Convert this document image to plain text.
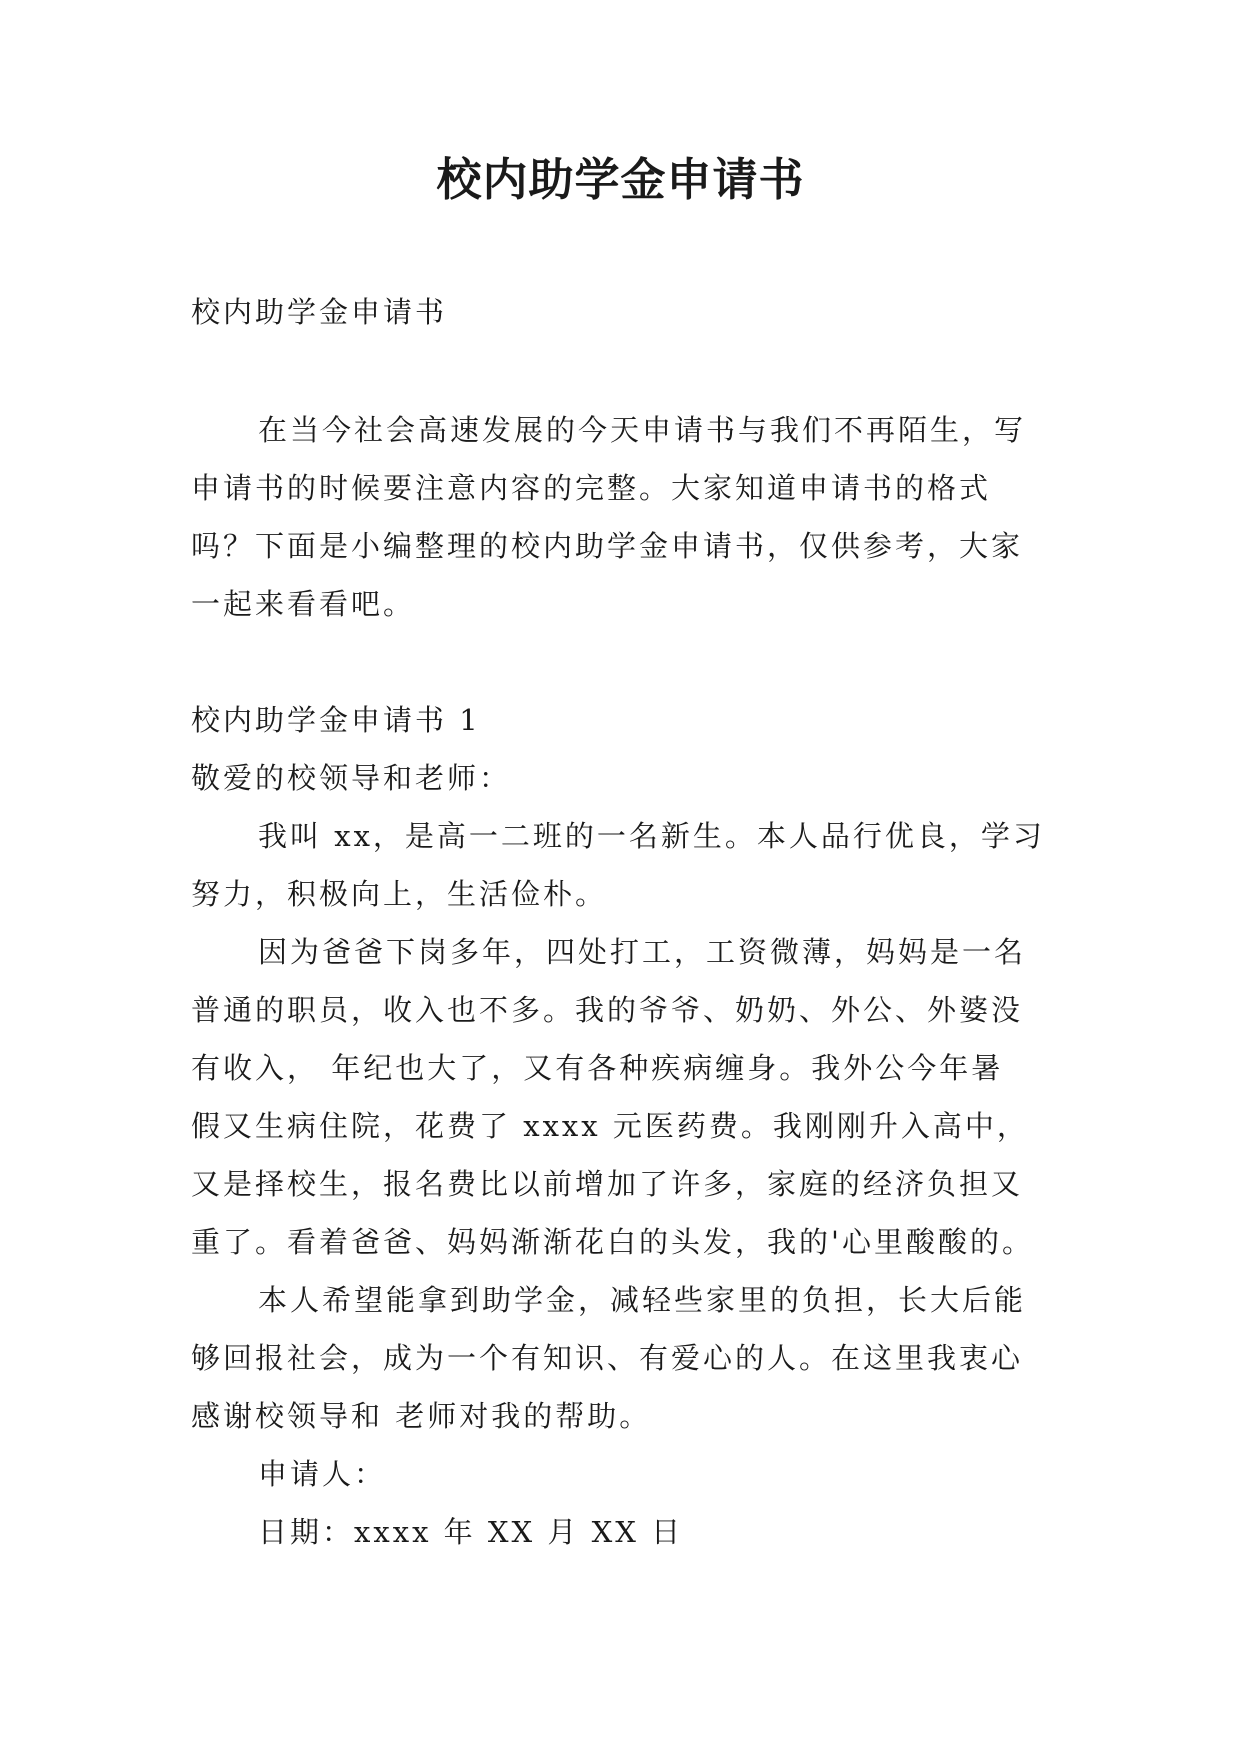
校内助学金申请书
校内助学金申请书
在当今社会高速发展的今天申请书与我们不再陌生，写
申请书的时候要注意内容的完整。大家知道申请书的格式
吗？下面是小编整理的校内助学金申请书，仅供参考，大家
一起来看看吧。
校内助学金申请书 1
敬爱的校领导和老师：
我叫 xx，是高一二班的一名新生。本人品行优良，学习
努力，积极向上，生活俭朴。
因为爸爸下岗多年，四处打工，工资微薄，妈妈是一名
普通的职员，收入也不多。我的爷爷、奶奶、外公、外婆没
有收入， 年纪也大了，又有各种疾病缠身。我外公今年暑
假又生病住院，花费了 xxxx 元医药费。我刚刚升入高中，
又是择校生，报名费比以前增加了许多，家庭的经济负担又
重了。看着爸爸、妈妈渐渐花白的头发，我的'心里酸酸的。
本人希望能拿到助学金，减轻些家里的负担，长大后能
够回报社会，成为一个有知识、有爱心的人。在这里我衷心
感谢校领导和 老师对我的帮助。
申请人：
日期：xxxx 年 XX 月 XX 日
